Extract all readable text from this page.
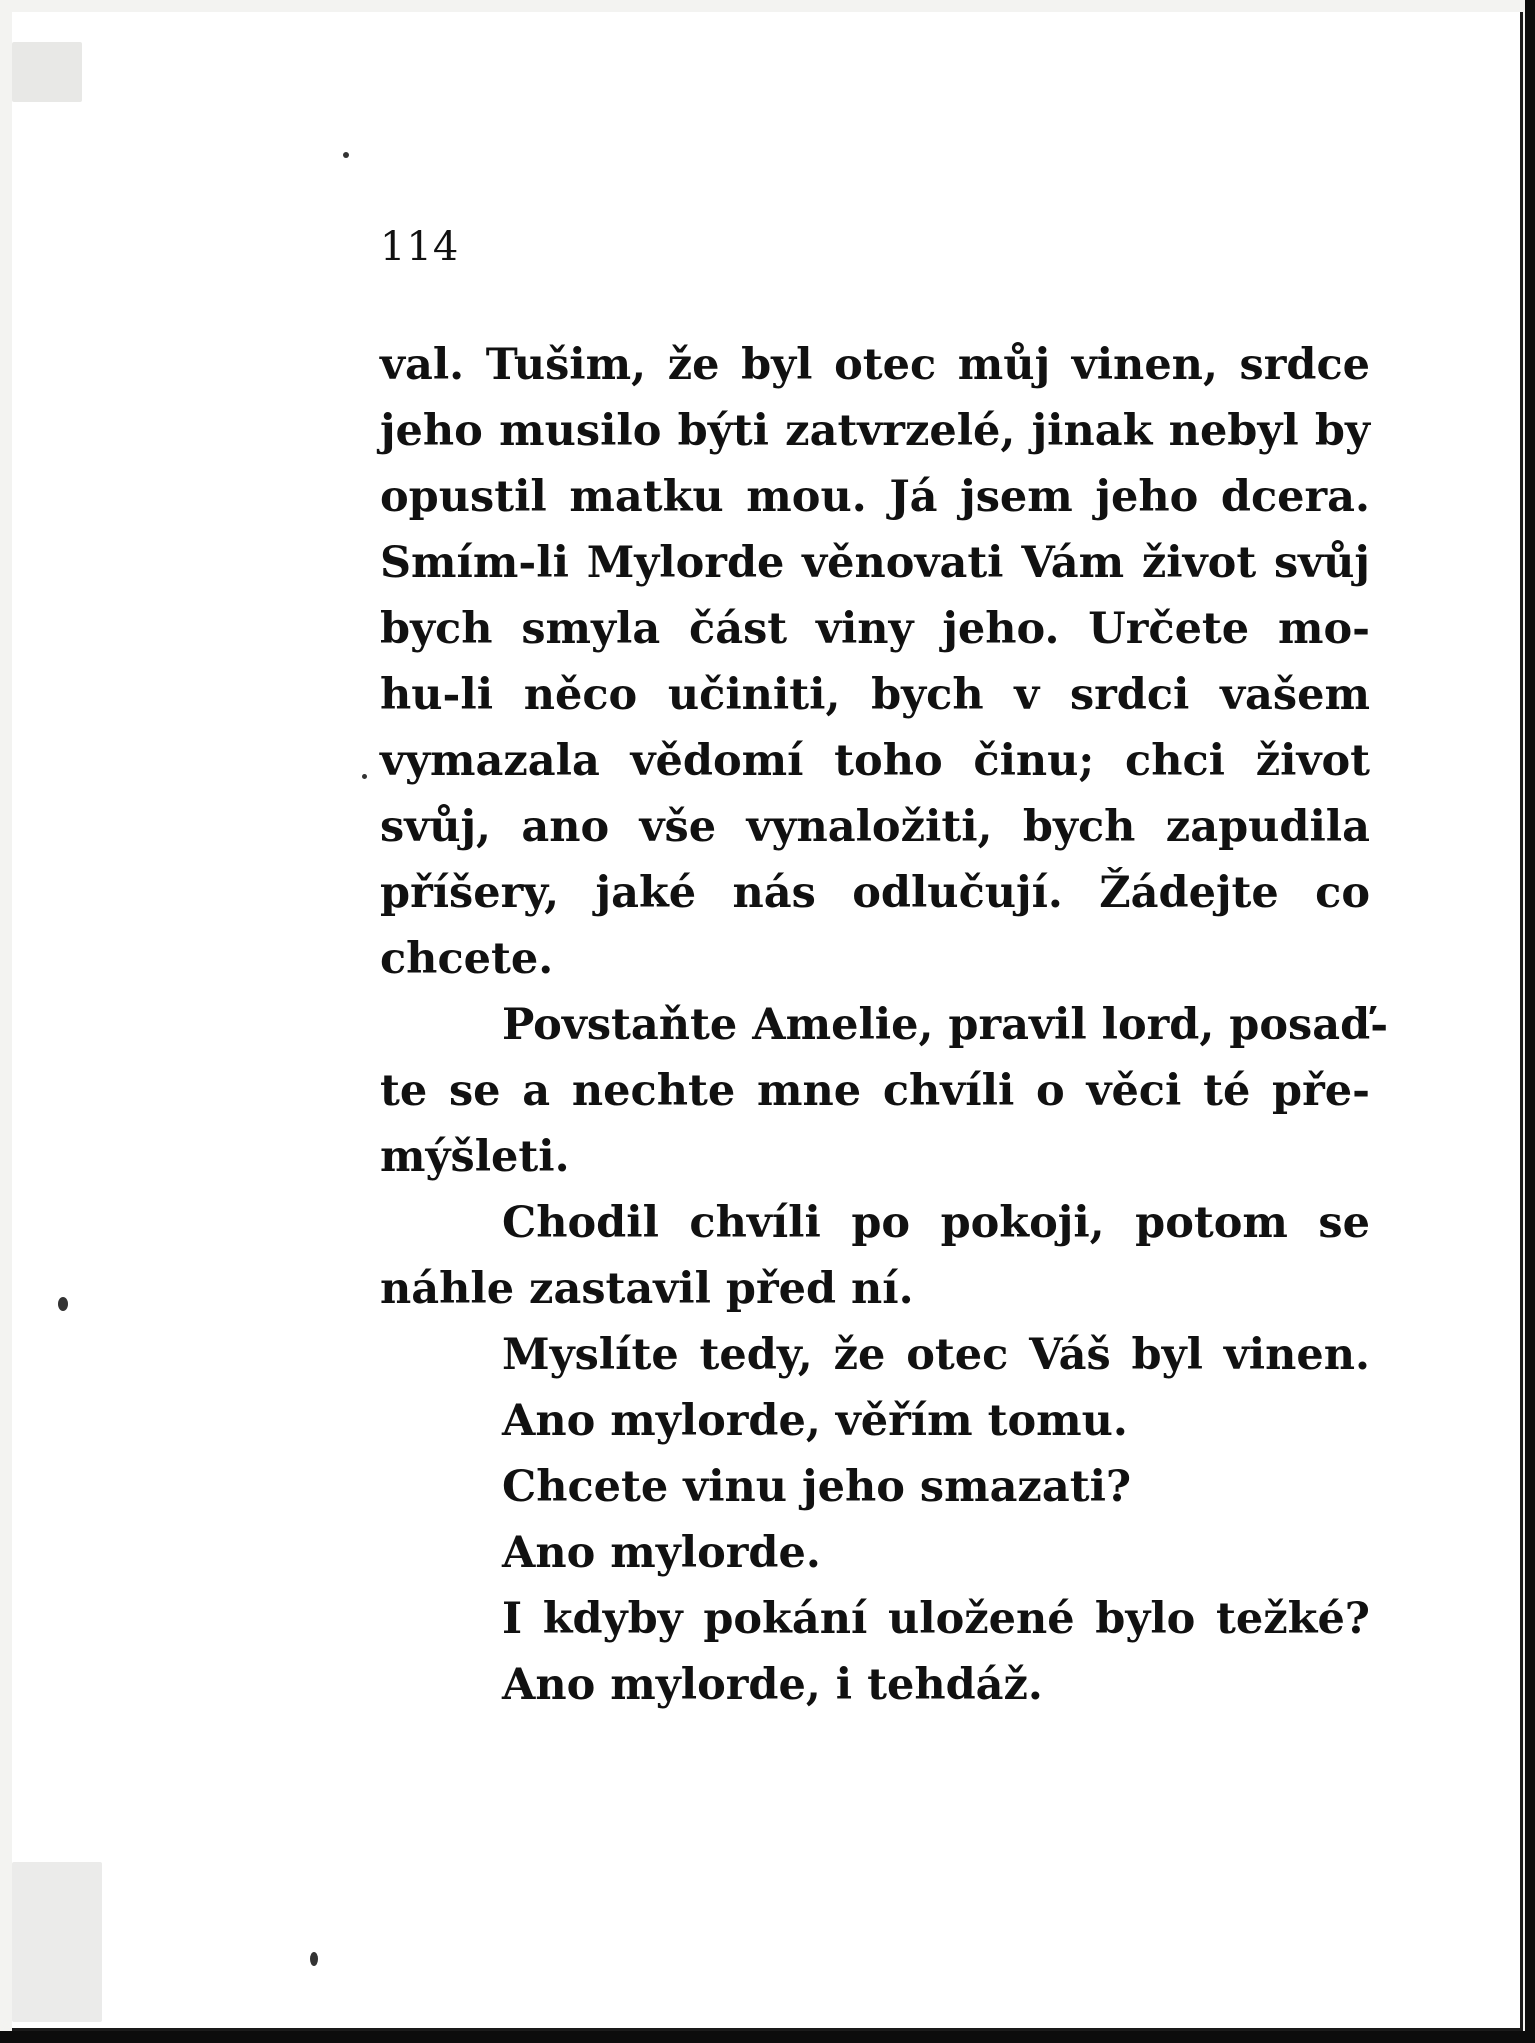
114
val. Tušim, že byl otec můj vinen, srdce
jeho musilo býti zatvrzelé, jinak nebyl by
opustil matku mou. Já jsem jeho dcera.
Smím-li Mylorde věnovati Vám život svůj
bych smyla část viny jeho. Určete mo-
hu-li něco učiniti, bych v srdci vašem
vymazala vědomí toho činu; chci život
svůj, ano vše vynaložiti, bych zapudila
příšery, jaké nás odlučují. Žádejte co
chcete.
Povstaňte Amelie, pravil lord, posaď-
te se a nechte mne chvíli o věci té pře-
mýšleti.
Chodil chvíli po pokoji, potom se
náhle zastavil před ní.
Myslíte tedy, že otec Váš byl vinen.
Ano mylorde, věřím tomu.
Chcete vinu jeho smazati?
Ano mylorde.
I kdyby pokání uložené bylo težké?
Ano mylorde, i tehdáž.
